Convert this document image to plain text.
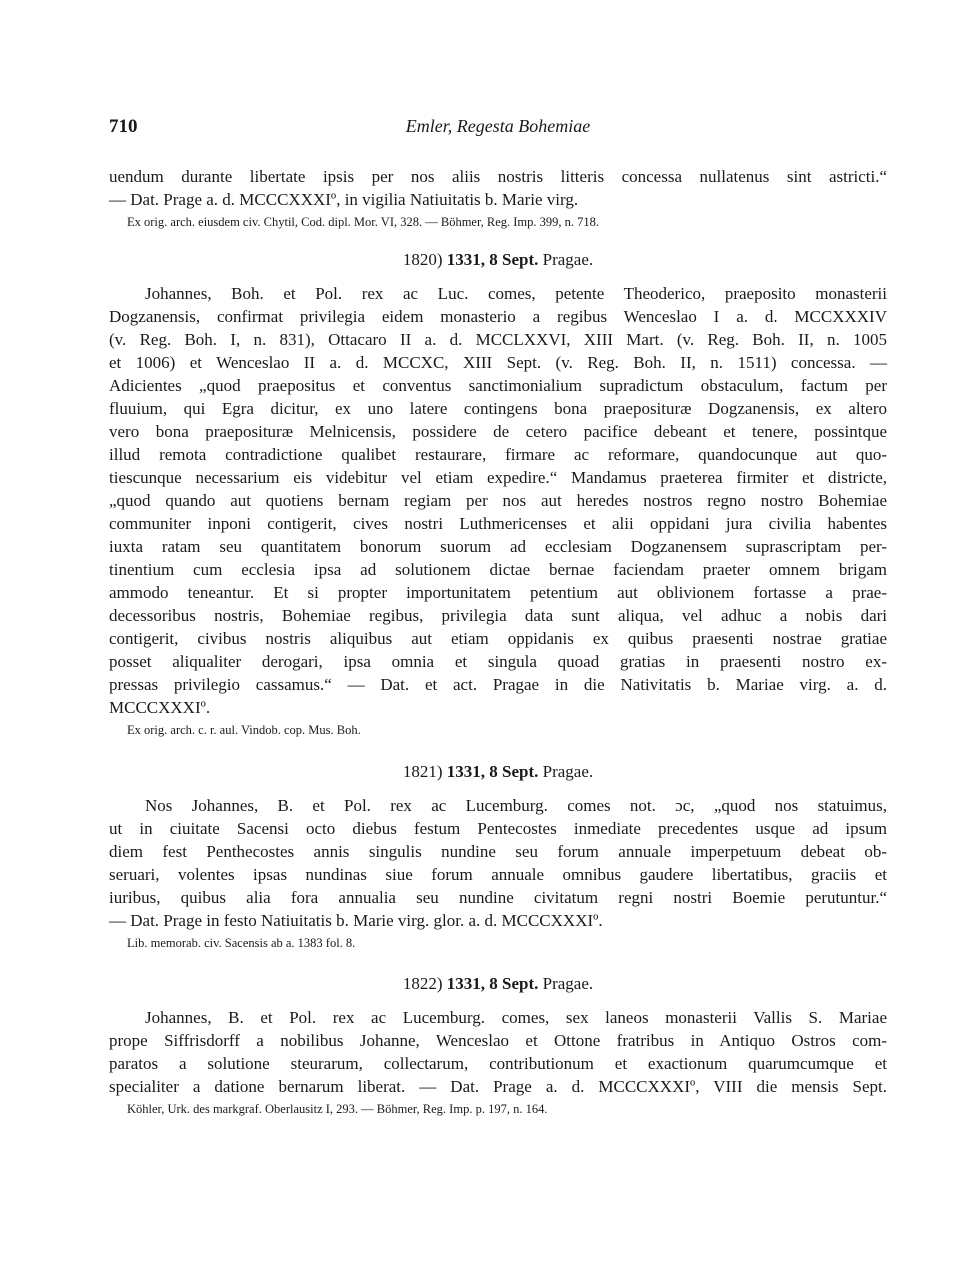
710	Emler, Regesta Bohemiae
uendum durante libertate ipsis per nos aliis nostris litteris concessa nullatenus sint astricti.“
— Dat. Prage a. d. MCCCXXXIº, in vigilia Natiuitatis b. Marie virg.
Ex orig. arch. eiusdem civ. Chytil, Cod. dipl. Mor. VI, 328. — Böhmer, Reg. Imp. 399, n. 718.
1820) 1331, 8 Sept. Pragae.
Johannes, Boh. et Pol. rex ac Luc. comes, petente Theoderico, praeposito monasterii
Dogzanensis, confirmat privilegia eidem monasterio a regibus Wenceslao I a. d. MCCXXXIV
(v. Reg. Boh. I, n. 831), Ottacaro II a. d. MCCLXXVI, XIII Mart. (v. Reg. Boh. II, n. 1005
et 1006) et Wenceslao II a. d. MCCXC, XIII Sept. (v. Reg. Boh. II, n. 1511) concessa. —
Adicientes „quod praepositus et conventus sanctimonialium supradictum obstaculum, factum per
fluuium, qui Egra dicitur, ex uno latere contingens bona praeposituræ Dogzanensis, ex altero
vero bona praeposituræ Melnicensis, possidere de cetero pacifice debeant et tenere, possintque
illud remota contradictione qualibet restaurare, firmare ac reformare, quandocunque aut quo-
tiescunque necessarium eis videbitur vel etiam expedire.“ Mandamus praeterea firmiter et districte,
„quod quando aut quotiens bernam regiam per nos aut heredes nostros regno nostro Bohemiae
communiter inponi contigerit, cives nostri Luthmericenses et alii oppidani jura civilia habentes
iuxta ratam seu quantitatem bonorum suorum ad ecclesiam Dogzanensem suprascriptam per-
tinentium cum ecclesia ipsa ad solutionem dictae bernae faciendam praeter omnem brigam
ammodo teneantur. Et si propter importunitatem petentium aut oblivionem fortasse a prae-
decessoribus nostris, Bohemiae regibus, privilegia data sunt aliqua, vel adhuc a nobis dari
contigerit, civibus nostris aliquibus aut etiam oppidanis ex quibus praesenti nostrae gratiae
posset aliqualiter derogari, ipsa omnia et singula quoad gratias in praesenti nostro ex-
pressas privilegio cassamus.“ — Dat. et act. Pragae in die Nativitatis b. Mariae virg. a. d.
MCCCXXXIº.
Ex orig. arch. c. r. aul. Vindob. cop. Mus. Boh.
1821) 1331, 8 Sept. Pragae.
Nos Johannes, B. et Pol. rex ac Lucemburg. comes not. ɔc, „quod nos statuimus,
ut in ciuitate Sacensi octo diebus festum Pentecostes inmediate precedentes usque ad ipsum
diem fest Penthecostes annis singulis nundine seu forum annuale imperpetuum debeat ob-
seruari, volentes ipsas nundinas siue forum annuale omnibus gaudere libertatibus, graciis et
iuribus, quibus alia fora annualia seu nundine civitatum regni nostri Boemie perutuntur.“
— Dat. Prage in festo Natiuitatis b. Marie virg. glor. a. d. MCCCXXXIº.
Lib. memorab. civ. Sacensis ab a. 1383 fol. 8.
1822) 1331, 8 Sept. Pragae.
Johannes, B. et Pol. rex ac Lucemburg. comes, sex laneos monasterii Vallis S. Mariae
prope Siffrisdorff a nobilibus Johanne, Wenceslao et Ottone fratribus in Antiquo Ostros com-
paratos a solutione steurarum, collectarum, contributionum et exactionum quarumcumque et
specialiter a datione bernarum liberat. — Dat. Prage a. d. MCCCXXXIº, VIII die mensis Sept.
Köhler, Urk. des markgraf. Oberlausitz I, 293. — Böhmer, Reg. Imp. p. 197, n. 164.
